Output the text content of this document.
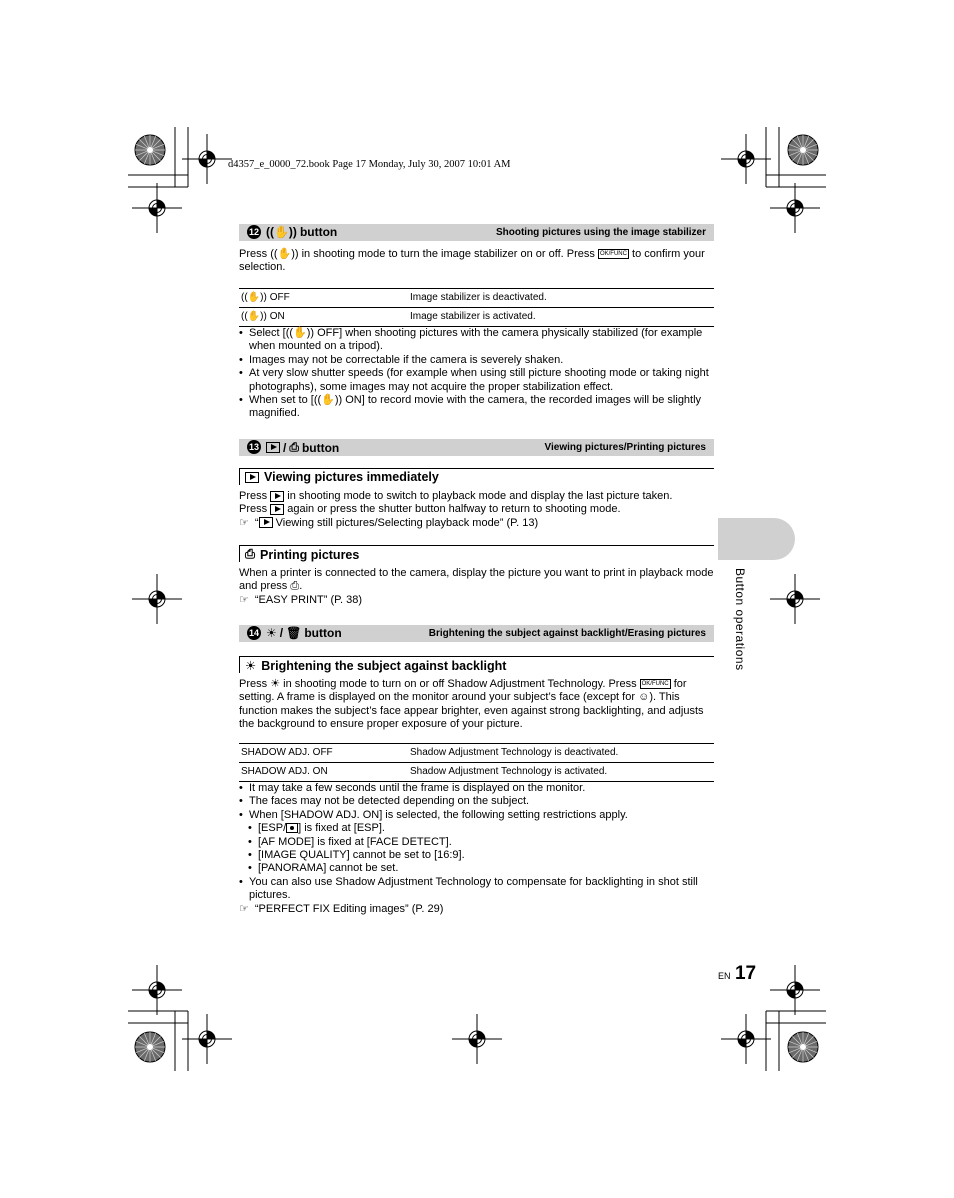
d4357_e_0000_72.book Page 17 Monday, July 30, 2007 10:01 AM
12 ((✋)) button	Shooting pictures using the image stabilizer
Press ((✋)) in shooting mode to turn the image stabilizer on or off. Press OK/FUNC to confirm your selection.
((✋)) OFF	Image stabilizer is deactivated.
((✋)) ON	Image stabilizer is activated.
• Select [((✋)) OFF] when shooting pictures with the camera physically stabilized (for example when mounted on a tripod).
• Images may not be correctable if the camera is severely shaken.
• At very slow shutter speeds (for example when using still picture shooting mode or taking night photographs), some images may not acquire the proper stabilization effect.
• When set to [((✋)) ON] to record movie with the camera, the recorded images will be slightly magnified.
13	/ ⎙ button	Viewing pictures/Printing pictures
Viewing pictures immediately
Press in shooting mode to switch to playback mode and display the last picture taken.
Press again or press the shutter button halfway to return to shooting mode.
☞ “ Viewing still pictures/Selecting playback mode” (P. 13)
⎙ Printing pictures
When a printer is connected to the camera, display the picture you want to print in playback mode and press ⎙.
☞ “EASY PRINT” (P. 38)
14 ☀ / 🗑 button	Brightening the subject against backlight/Erasing pictures
☀ Brightening the subject against backlight
Press ☀ in shooting mode to turn on or off Shadow Adjustment Technology. Press OK/FUNC for setting. A frame is displayed on the monitor around your subject’s face (except for ☺). This function makes the subject’s face appear brighter, even against strong backlighting, and adjusts the background to ensure proper exposure of your picture.
SHADOW ADJ. OFF	Shadow Adjustment Technology is deactivated.
SHADOW ADJ. ON	Shadow Adjustment Technology is activated.
• It may take a few seconds until the frame is displayed on the monitor.
• The faces may not be detected depending on the subject.
• When [SHADOW ADJ. ON] is selected, the following setting restrictions apply.
• [ESP/ ] is fixed at [ESP].
• [AF MODE] is fixed at [FACE DETECT].
• [IMAGE QUALITY] cannot be set to [16:9].
• [PANORAMA] cannot be set.
• You can also use Shadow Adjustment Technology to compensate for backlighting in shot still pictures.
☞ “PERFECT FIX Editing images” (P. 29)
Button operations
EN 17
